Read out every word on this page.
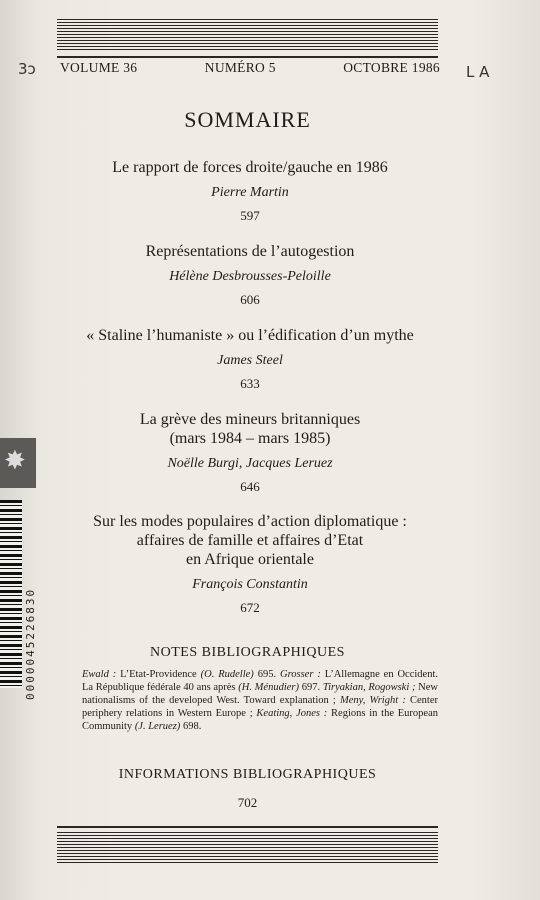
VOLUME 36	NUMÉRO 5	OCTOBRE 1986
3ɔ	L A
SOMMAIRE
Le rapport de forces droite/gauche en 1986
Pierre Martin
597
Représentations de l’autogestion
Hélène Desbrousses-Peloille
606
« Staline l’humaniste » ou l’édification d’un mythe
James Steel
633
La grève des mineurs britanniques
(mars 1984 – mars 1985)
Noëlle Burgi, Jacques Leruez
646
Sur les modes populaires d’action diplomatique :
affaires de famille et affaires d’Etat
en Afrique orientale
François Constantin
672
NOTES BIBLIOGRAPHIQUES
Ewald : L’Etat-Providence (O. Rudelle) 695. Grosser : L’Allemagne en Occident. La République fédérale 40 ans après (H. Ménudier) 697. Tiryakian, Rogowski ; New nationalisms of the developed West. Toward explanation ; Meny, Wright : Center periphery relations in Western Europe ; Keating, Jones : Regions in the European Community (J. Leruez) 698.
INFORMATIONS BIBLIOGRAPHIQUES
702
✸
0000045226830
